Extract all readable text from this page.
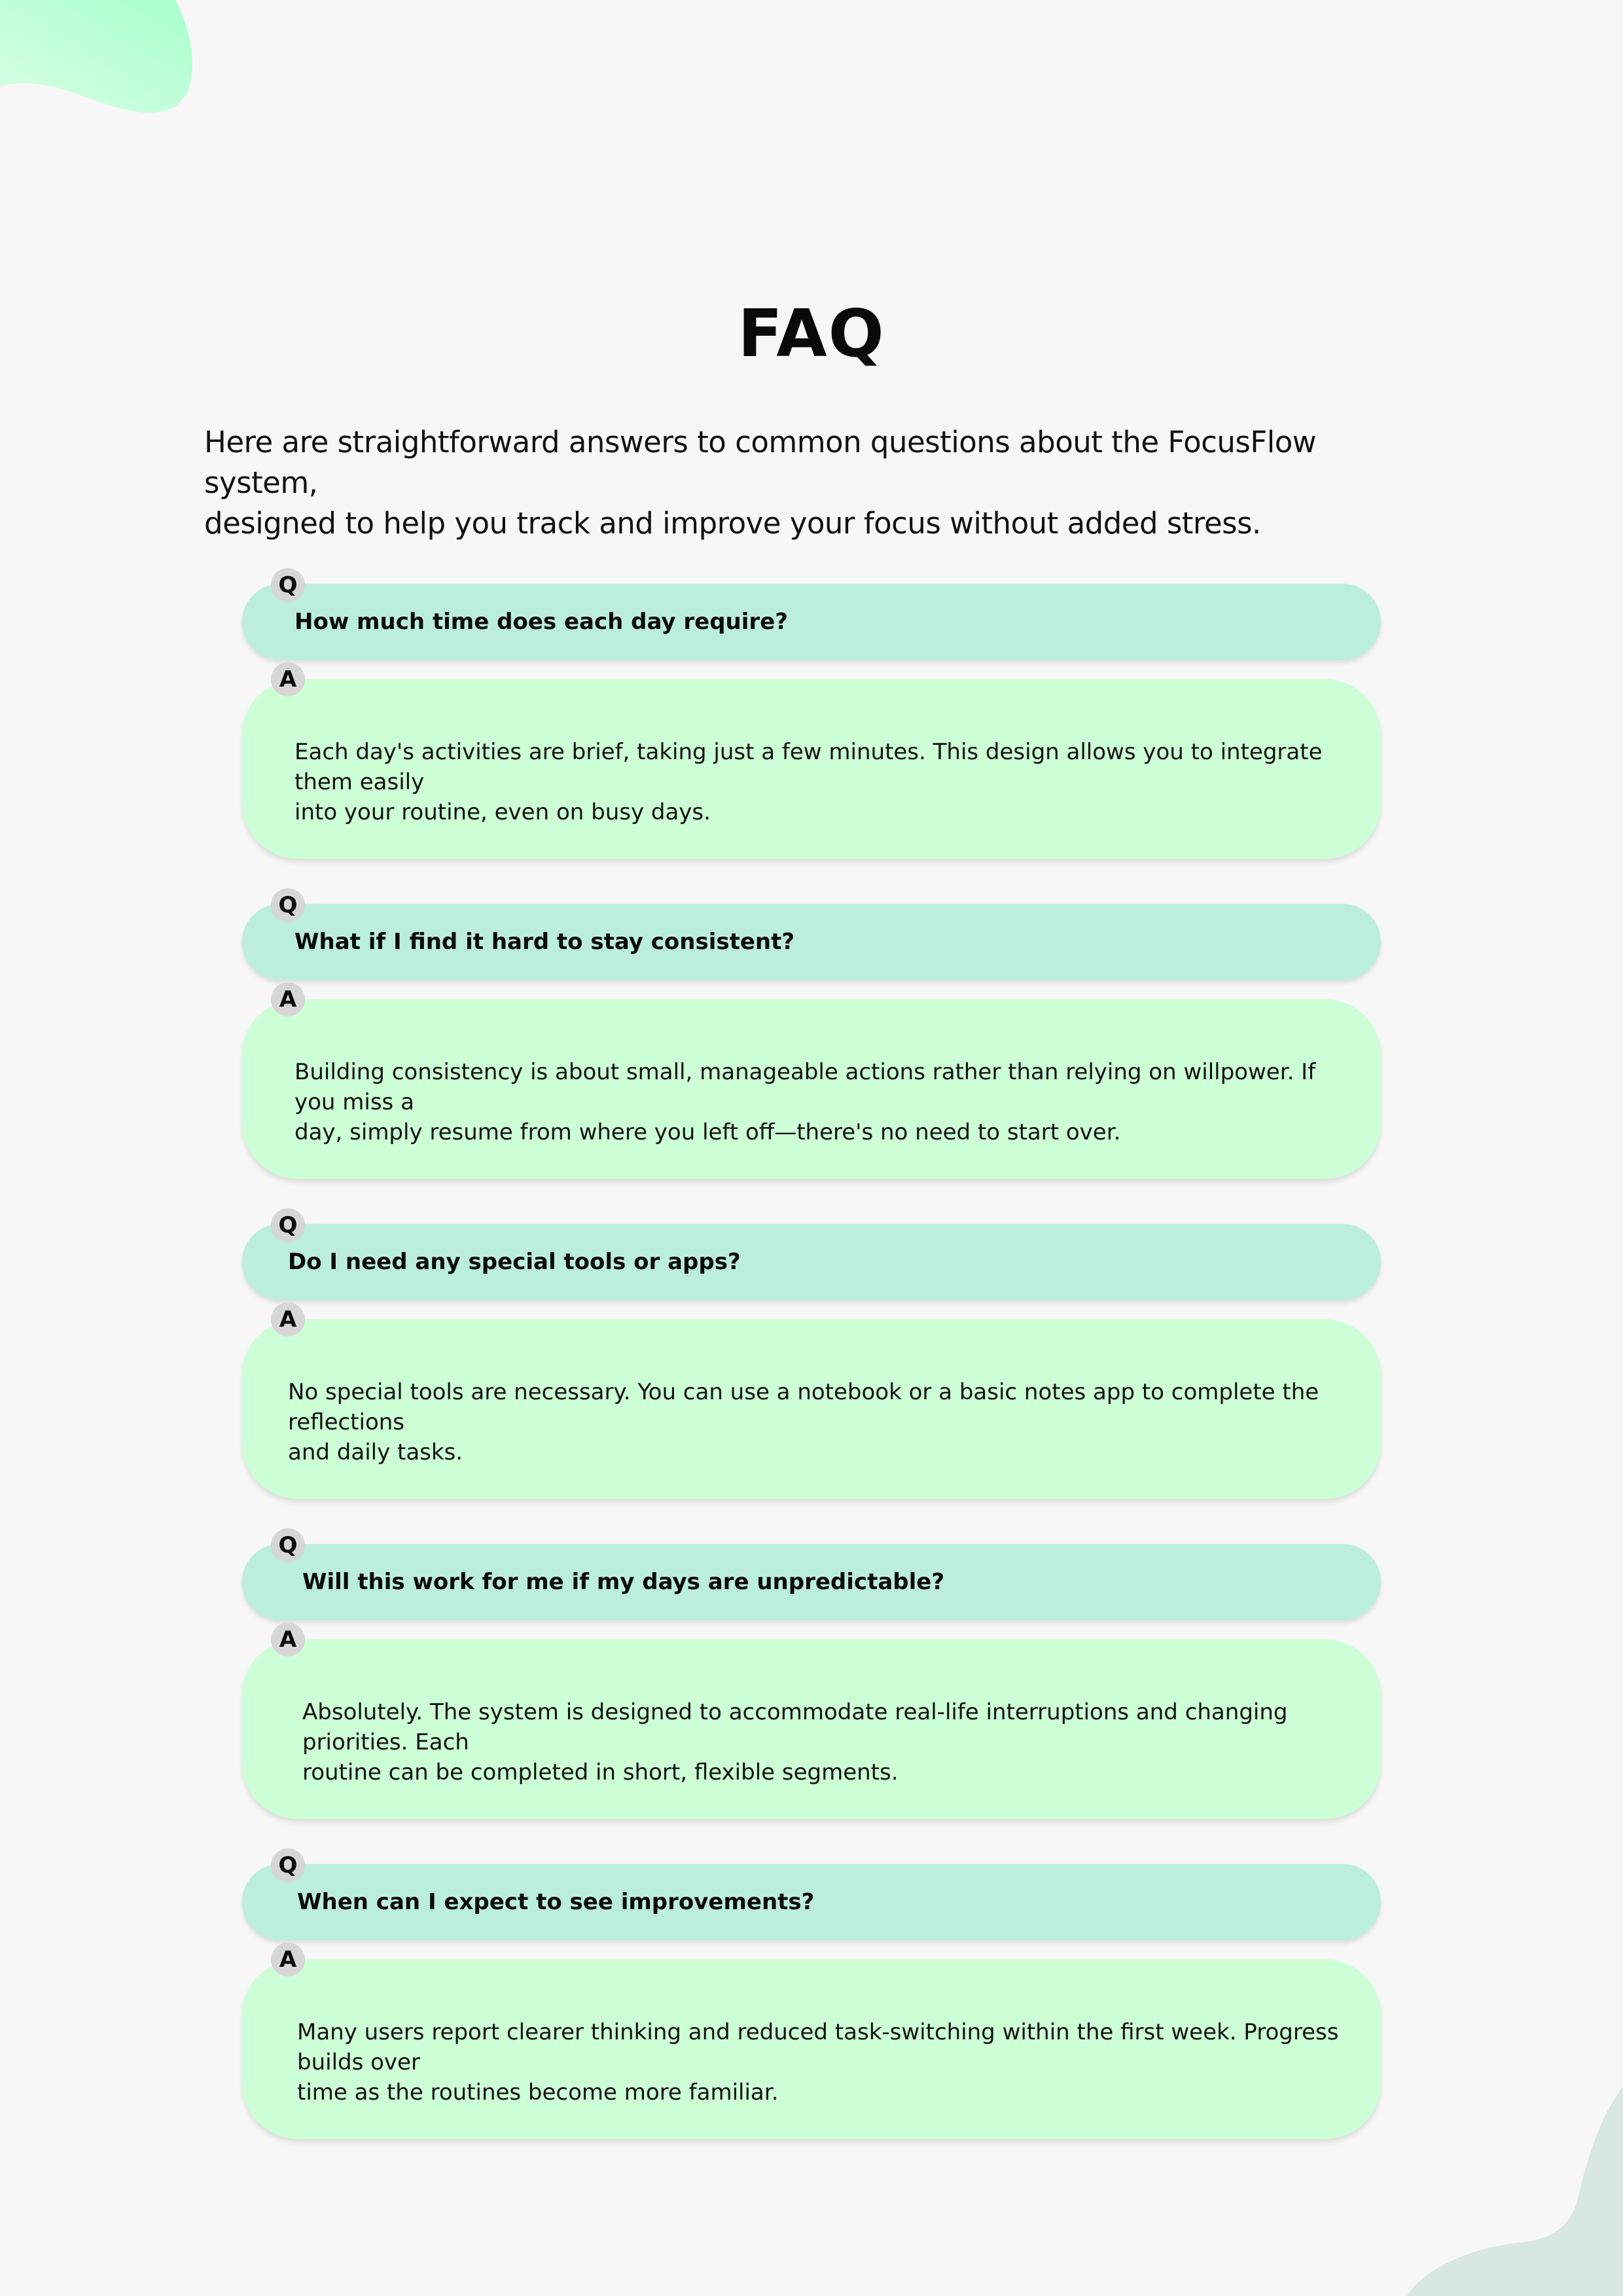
FAQ
Here are straightforward answers to common questions about the FocusFlow system,
designed to help you track and improve your focus without added stress.
How much time does each day require?
Each day's activities are brief, taking just a few minutes. This design allows you to integrate them easily
into your routine, even on busy days.
Q
A
What if I find it hard to stay consistent?
Building consistency is about small, manageable actions rather than relying on willpower. If you miss a
day, simply resume from where you left off—there's no need to start over.
Q
A
Do I need any special tools or apps?
No special tools are necessary. You can use a notebook or a basic notes app to complete the reflections
and daily tasks.
Q
A
Will this work for me if my days are unpredictable?
Absolutely. The system is designed to accommodate real-life interruptions and changing priorities. Each
routine can be completed in short, flexible segments.
Q
A
When can I expect to see improvements?
Many users report clearer thinking and reduced task-switching within the first week. Progress builds over
time as the routines become more familiar.
Q
A
